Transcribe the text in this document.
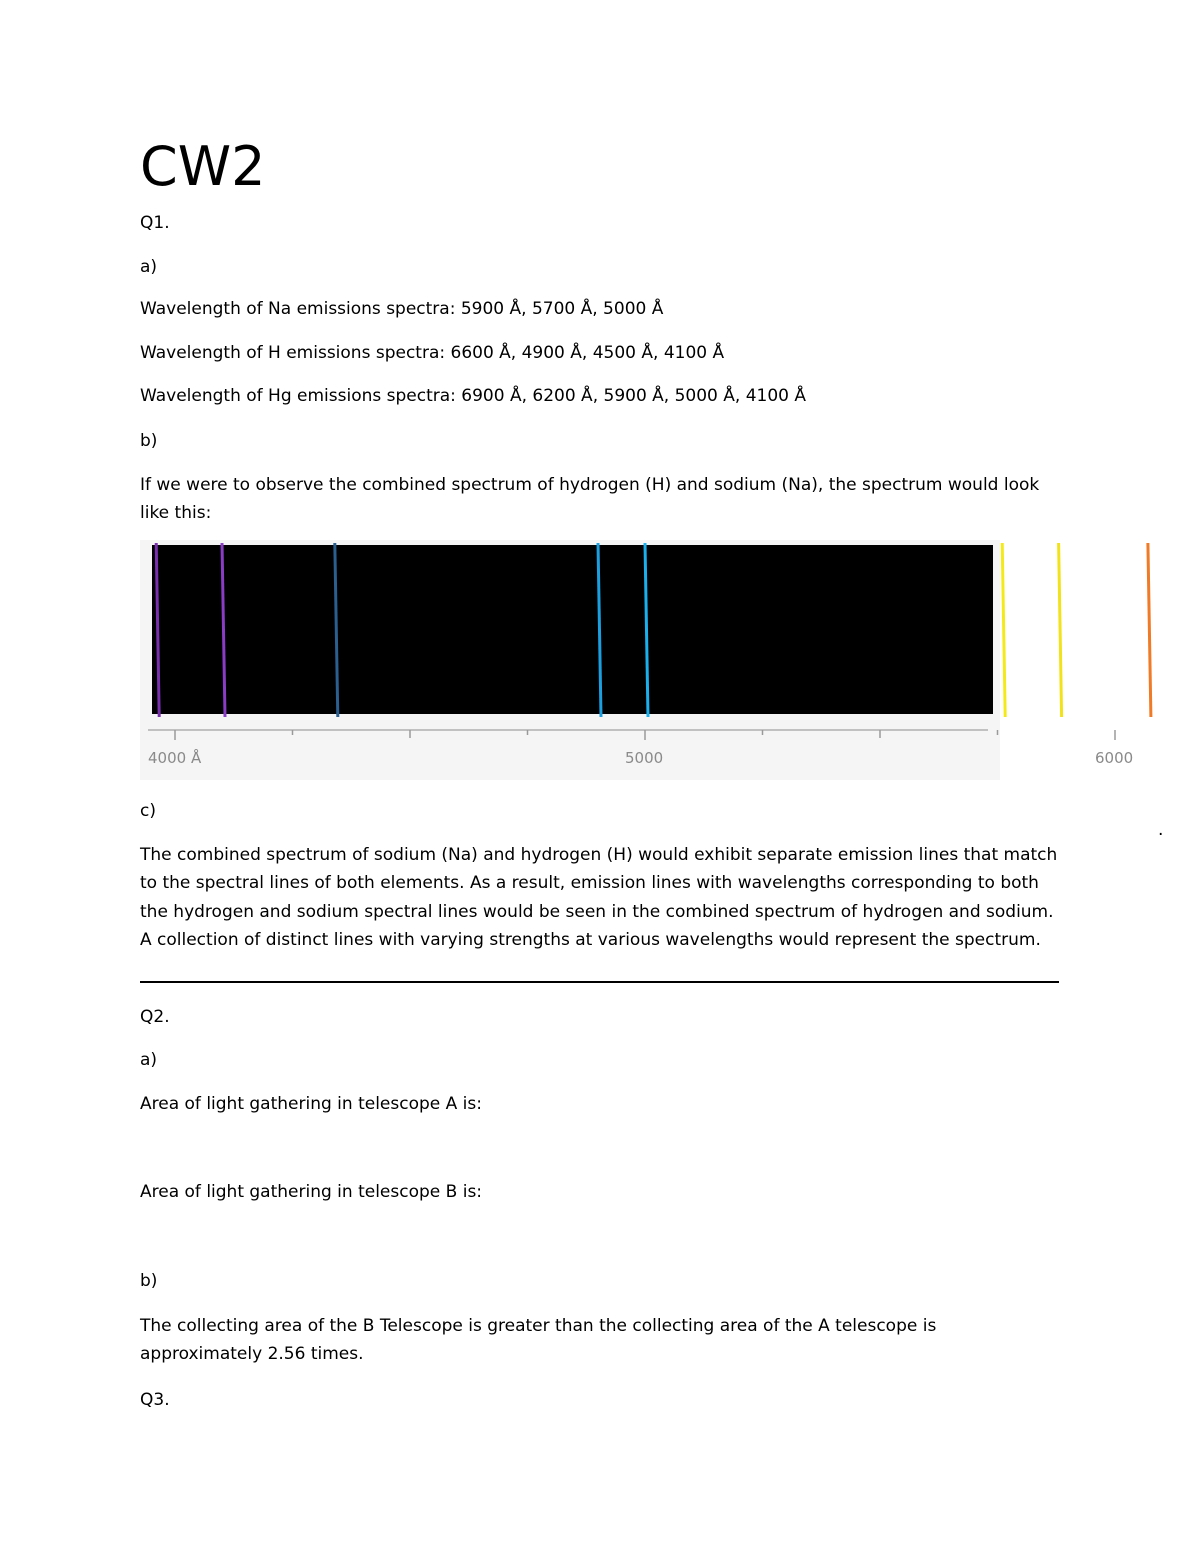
CW2
Q1.
a)
Wavelength of Na emissions spectra: 5900 Å, 5700 Å, 5000 Å
Wavelength of H emissions spectra: 6600 Å, 4900 Å, 4500 Å, 4100 Å
Wavelength of Hg emissions spectra: 6900 Å, 6200 Å, 5900 Å, 5000 Å, 4100 Å
b)
If we were to observe the combined spectrum of hydrogen (H) and sodium (Na), the spectrum would look like this:
4000 Å	5000	6000
c)
.
The combined spectrum of sodium (Na) and hydrogen (H) would exhibit separate emission lines that match to the spectral lines of both elements. As a result, emission lines with wavelengths corresponding to both the hydrogen and sodium spectral lines would be seen in the combined spectrum of hydrogen and sodium. A collection of distinct lines with varying strengths at various wavelengths would represent the spectrum.
Q2.
a)
Area of light gathering in telescope A is:
Area of light gathering in telescope B is:
b)
The collecting area of the B Telescope is greater than the collecting area of the A telescope is approximately 2.56 times.
Q3.
